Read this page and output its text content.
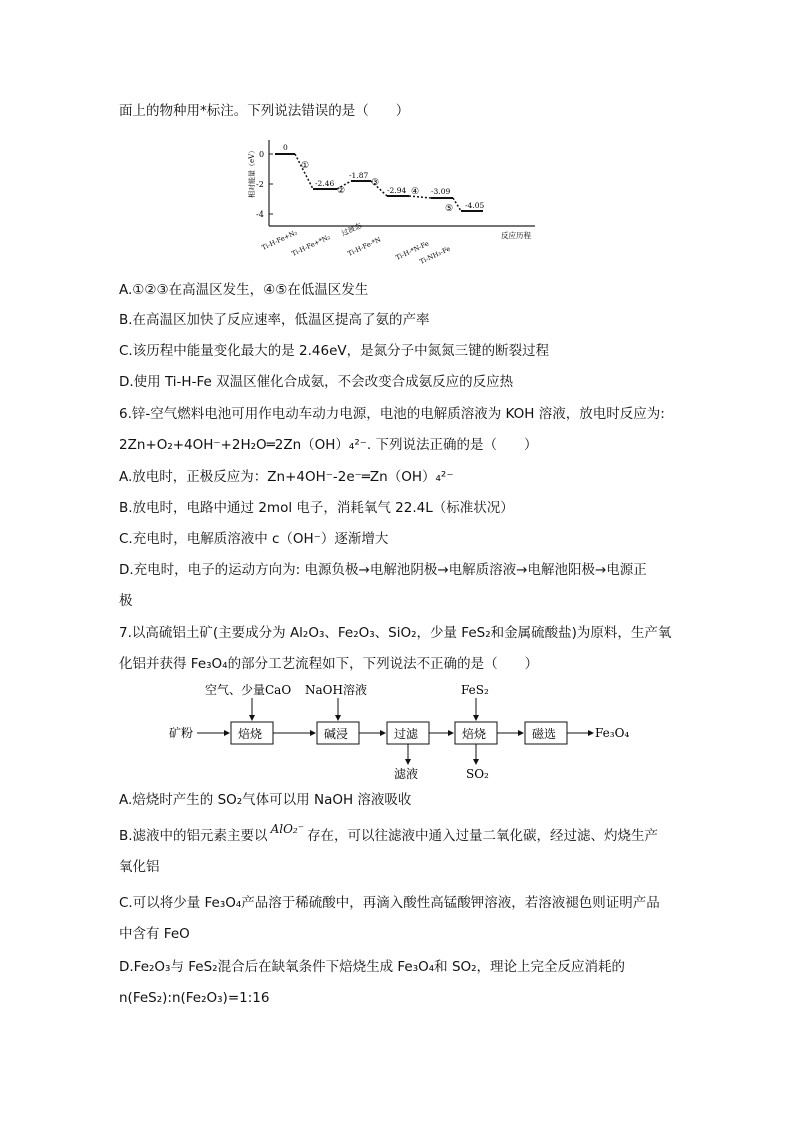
面上的物种用*标注。下列说法错误的是（　　）
0
-2
-4
相对能量（eV）	0
-2.46
-1.87
-2.94	-3.09
-4.05
①
②
③
④
⑤
Ti-H-Fe+N₂
Ti-H-Fe+*N₂
过渡态
Ti-H-Fe-*N Ti-H-*N-Fe
Ti-NH₃-Fe
反应历程
A.①②③在高温区发生，④⑤在低温区发生
B.在高温区加快了反应速率，低温区提高了氨的产率
C.该历程中能量变化最大的是 2.46eV，是氮分子中氮氮三键的断裂过程
D.使用 Ti-H-Fe 双温区催化合成氨，不会改变合成氨反应的反应热
6.锌-空气燃料电池可用作电动车动力电源，电池的电解质溶液为 KOH 溶液，放电时反应为:
2Zn+O₂+4OH⁻+2H₂O═2Zn（OH）₄²⁻. 下列说法正确的是（　　）
A.放电时，正极反应为：Zn+4OH⁻-2e⁻═Zn（OH）₄²⁻
B.放电时，电路中通过 2mol 电子，消耗氧气 22.4L（标准状况）
C.充电时，电解质溶液中 c（OH⁻）逐渐增大
D.充电时，电子的运动方向为: 电源负极→电解池阴极→电解质溶液→电解池阳极→电源正
极
7.以高硫铝土矿(主要成分为 Al₂O₃、Fe₂O₃、SiO₂，少量 FeS₂和金属硫酸盐)为原料，生产氧
化铝并获得 Fe₃O₄的部分工艺流程如下，下列说法不正确的是（　　）
矿粉	焙烧	碱浸	过滤	焙烧	磁选	Fe₃O₄
空气、少量CaO NaOH溶液	FeS₂
滤液	SO₂
A.焙烧时产生的 SO₂气体可以用 NaOH 溶液吸收
B.滤液中的铝元素主要以 AlO₂⁻ 存在，可以往滤液中通入过量二氧化碳，经过滤、灼烧生产
氧化铝
C.可以将少量 Fe₃O₄产品溶于稀硫酸中，再滴入酸性高锰酸钾溶液，若溶液褪色则证明产品
中含有 FeO
D.Fe₂O₃与 FeS₂混合后在缺氧条件下焙烧生成 Fe₃O₄和 SO₂，理论上完全反应消耗的
n(FeS₂):n(Fe₂O₃)=1:16
